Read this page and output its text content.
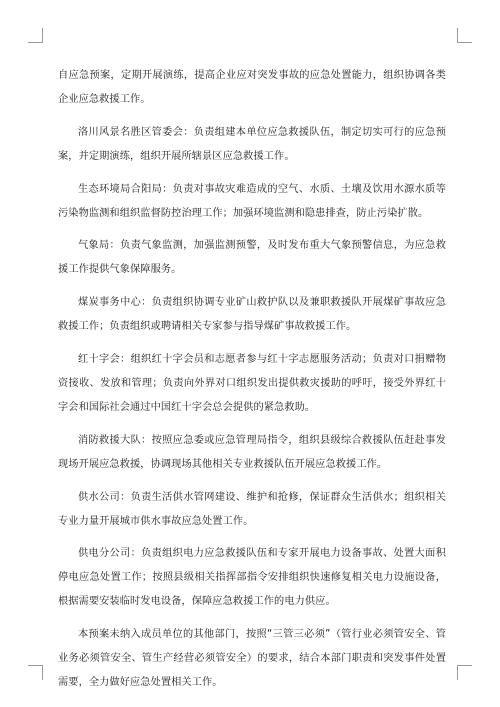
自应急预案，定期开展演练，提高企业应对突发事故的应急处置能力，组织协调各类企业应急救援工作。

洛川风景名胜区管委会：负责组建本单位应急救援队伍，制定切实可行的应急预案，并定期演练，组织开展所辖景区应急救援工作。

生态环境局合阳局：负责对事故灾难造成的空气、水质、土壤及饮用水源水质等污染物监测和组织监督防控治理工作；加强环境监测和隐患排查，防止污染扩散。

气象局：负责气象监测，加强监测预警，及时发布重大气象预警信息，为应急救援工作提供气象保障服务。

煤炭事务中心：负责组织协调专业矿山救护队以及兼职救援队开展煤矿事故应急救援工作；负责组织或聘请相关专家参与指导煤矿事故救援工作。

红十字会：组织红十字会员和志愿者参与红十字志愿服务活动；负责对口捐赠物资接收、发放和管理；负责向外界对口组织发出提供救灾援助的呼吁，接受外界红十字会和国际社会通过中国红十字会总会提供的紧急救助。

消防救援大队：按照应急委或应急管理局指令，组织县级综合救援队伍赶赴事发现场开展应急救援，协调现场其他相关专业救援队伍开展应急救援工作。

供水公司：负责生活供水管网建设、维护和抢修，保证群众生活供水；组织相关专业力量开展城市供水事故应急处置工作。

供电分公司：负责组织电力应急救援队伍和专家开展电力设备事故、处置大面积停电应急处置工作；按照县级相关指挥部指令安排组织快速修复相关电力设施设备，根据需要安装临时发电设备，保障应急救援工作的电力供应。

本预案未纳入成员单位的其他部门，按照“三管三必须”（管行业必须管安全、管业务必须管安全、管生产经营必须管安全）的要求，结合本部门职责和突发事件处置需要，全力做好应急处置相关工作。
